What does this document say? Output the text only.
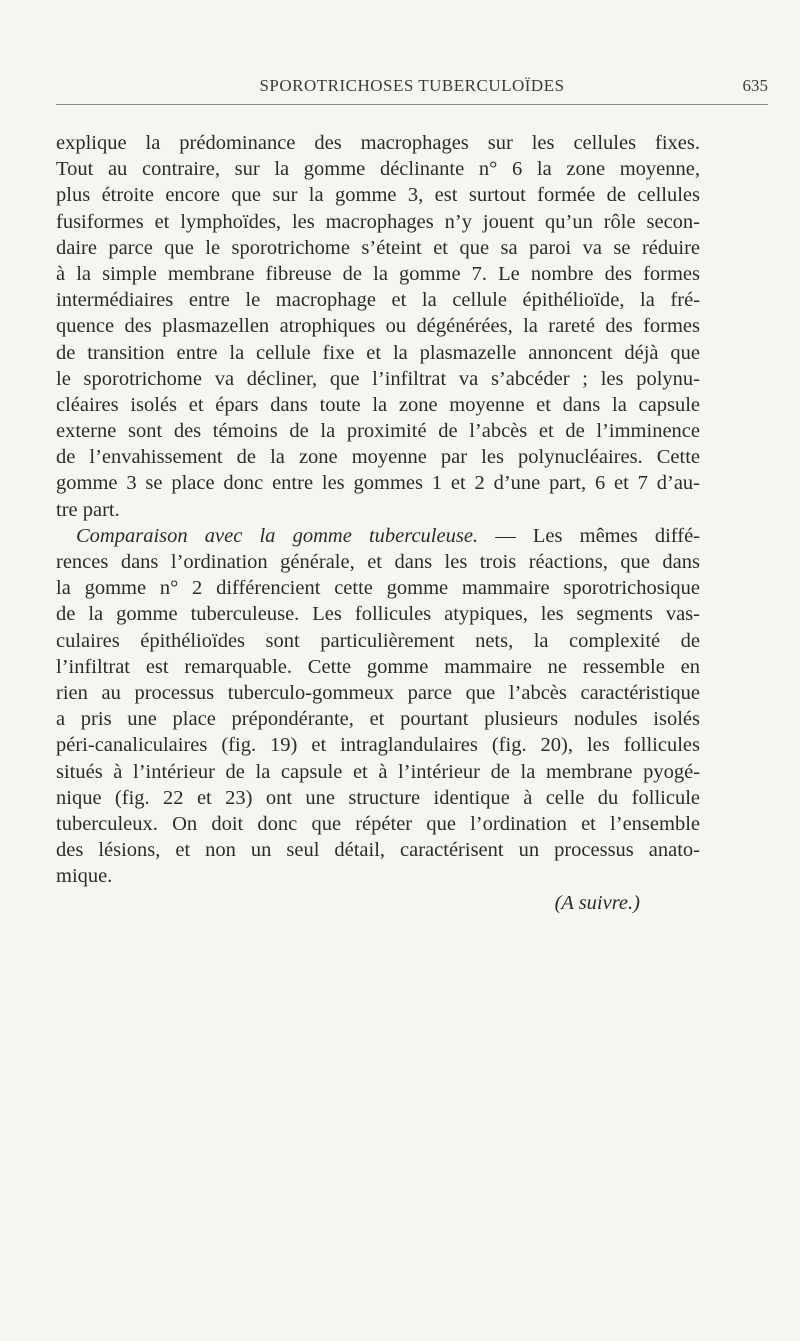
SPOROTRICHOSES TUBERCULOÏDES	635
explique la prédominance des macrophages sur les cellules fixes.
Tout au contraire, sur la gomme déclinante n° 6 la zone moyenne,
plus étroite encore que sur la gomme 3, est surtout formée de cellules
fusiformes et lymphoïdes, les macrophages n’y jouent qu’un rôle secon-
daire parce que le sporotrichome s’éteint et que sa paroi va se réduire
à la simple membrane fibreuse de la gomme 7. Le nombre des formes
intermédiaires entre le macrophage et la cellule épithélioïde, la fré-
quence des plasmazellen atrophiques ou dégénérées, la rareté des formes
de transition entre la cellule fixe et la plasmazelle annoncent déjà que
le sporotrichome va décliner, que l’infiltrat va s’abcéder ; les polynu-
cléaires isolés et épars dans toute la zone moyenne et dans la capsule
externe sont des témoins de la proximité de l’abcès et de l’imminence
de l’envahissement de la zone moyenne par les polynucléaires. Cette
gomme 3 se place donc entre les gommes 1 et 2 d’une part, 6 et 7 d’au-
tre part.
Comparaison avec la gomme tuberculeuse. — Les mêmes diffé-
rences dans l’ordination générale, et dans les trois réactions, que dans
la gomme n° 2 différencient cette gomme mammaire sporotrichosique
de la gomme tuberculeuse. Les follicules atypiques, les segments vas-
culaires épithélioïdes sont particulièrement nets, la complexité de
l’infiltrat est remarquable. Cette gomme mammaire ne ressemble en
rien au processus tuberculo-gommeux parce que l’abcès caractéristique
a pris une place prépondérante, et pourtant plusieurs nodules isolés
péri-canaliculaires (fig. 19) et intraglandulaires (fig. 20), les follicules
situés à l’intérieur de la capsule et à l’intérieur de la membrane pyogé-
nique (fig. 22 et 23) ont une structure identique à celle du follicule
tuberculeux. On doit donc que répéter que l’ordination et l’ensemble
des lésions, et non un seul détail, caractérisent un processus anato-
mique.
(A suivre.)
